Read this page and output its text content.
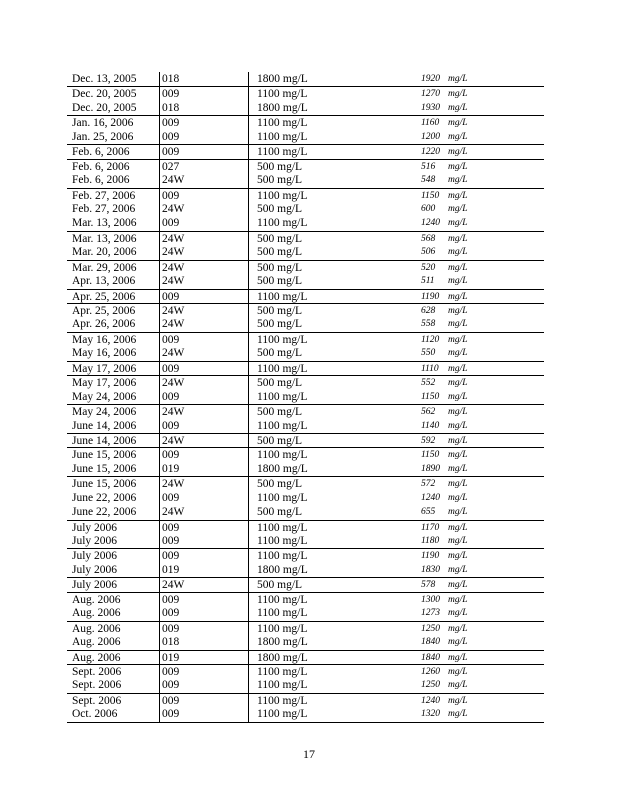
Dec. 13, 2005	018	1800 mg/L	1920 mg/L
Dec. 20, 2005	009	1100 mg/L	1270 mg/L
Dec. 20, 2005	018	1800 mg/L	1930 mg/L
Jan. 16, 2006	009	1100 mg/L	1160 mg/L
Jan. 25, 2006	009	1100 mg/L	1200 mg/L
Feb. 6, 2006	009	1100 mg/L	1220 mg/L
Feb. 6, 2006	027	500 mg/L	516 mg/L
Feb. 6, 2006	24W	500 mg/L	548 mg/L
Feb. 27, 2006	009	1100 mg/L	1150 mg/L
Feb. 27, 2006	24W	500 mg/L	600 mg/L
Mar. 13, 2006	009	1100 mg/L	1240 mg/L
Mar. 13, 2006	24W	500 mg/L	568 mg/L
Mar. 20, 2006	24W	500 mg/L	506 mg/L
Mar. 29, 2006	24W	500 mg/L	520 mg/L
Apr. 13, 2006	24W	500 mg/L	511 mg/L
Apr. 25, 2006	009	1100 mg/L	1190 mg/L
Apr. 25, 2006	24W	500 mg/L	628 mg/L
Apr. 26, 2006	24W	500 mg/L	558 mg/L
May 16, 2006	009	1100 mg/L	1120 mg/L
May 16, 2006	24W	500 mg/L	550 mg/L
May 17, 2006	009	1100 mg/L	1110 mg/L
May 17, 2006	24W	500 mg/L	552 mg/L
May 24, 2006	009	1100 mg/L	1150 mg/L
May 24, 2006	24W	500 mg/L	562 mg/L
June 14, 2006	009	1100 mg/L	1140 mg/L
June 14, 2006	24W	500 mg/L	592 mg/L
June 15, 2006	009	1100 mg/L	1150 mg/L
June 15, 2006	019	1800 mg/L	1890 mg/L
June 15, 2006	24W	500 mg/L	572 mg/L
June 22, 2006	009	1100 mg/L	1240 mg/L
June 22, 2006	24W	500 mg/L	655 mg/L
July 2006	009	1100 mg/L	1170 mg/L
July 2006	009	1100 mg/L	1180 mg/L
July 2006	009	1100 mg/L	1190 mg/L
July 2006	019	1800 mg/L	1830 mg/L
July 2006	24W	500 mg/L	578 mg/L
Aug. 2006	009	1100 mg/L	1300 mg/L
Aug. 2006	009	1100 mg/L	1273 mg/L
Aug. 2006	009	1100 mg/L	1250 mg/L
Aug. 2006	018	1800 mg/L	1840 mg/L
Aug. 2006	019	1800 mg/L	1840 mg/L
Sept. 2006	009	1100 mg/L	1260 mg/L
Sept. 2006	009	1100 mg/L	1250 mg/L
Sept. 2006	009	1100 mg/L	1240 mg/L
Oct. 2006	009	1100 mg/L	1320 mg/L
17
